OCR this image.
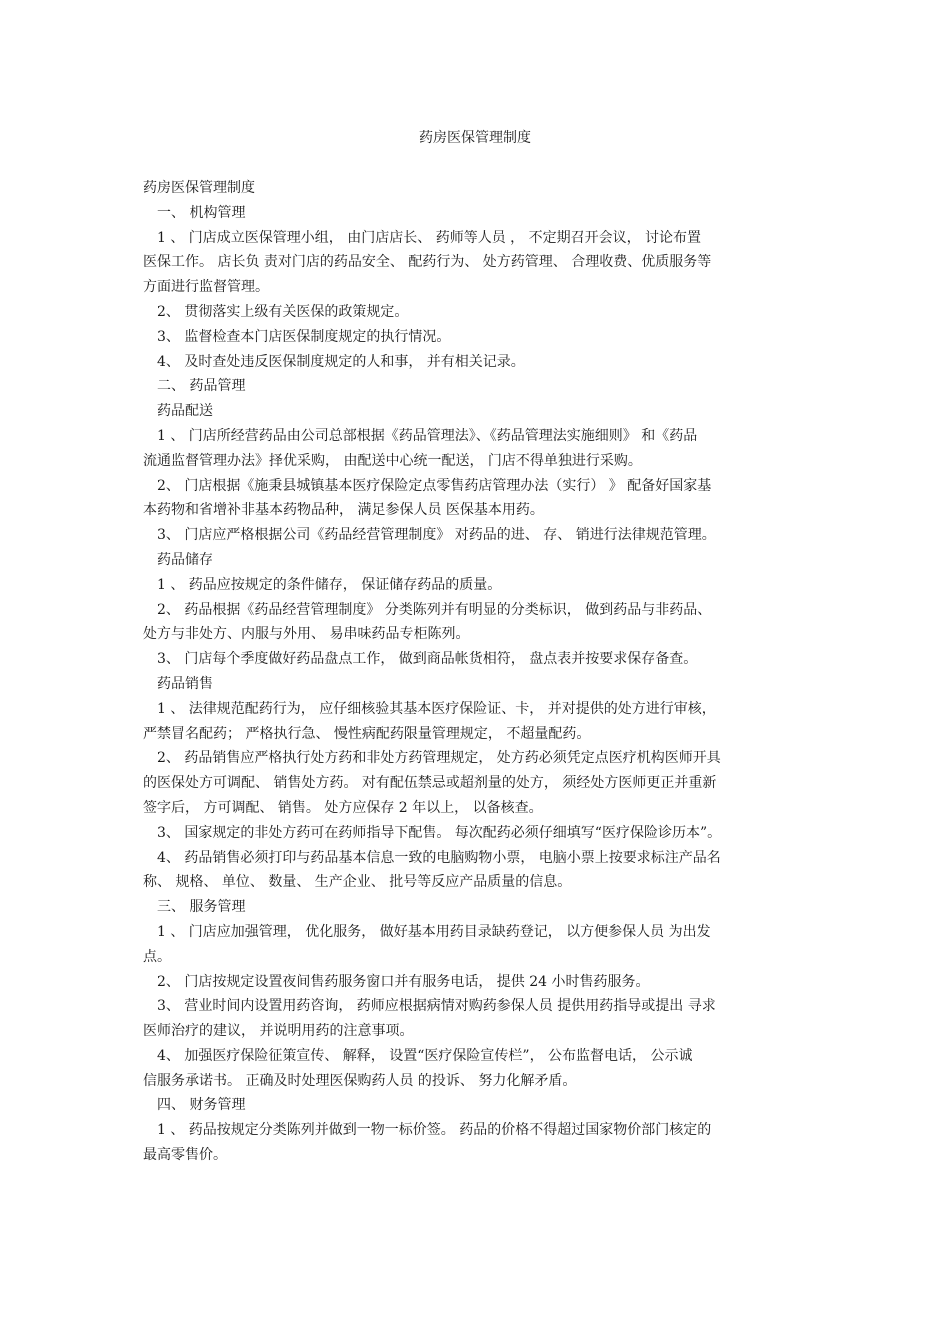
药房医保管理制度
药房医保管理制度
一、 机构管理
1 、 门店成立医保管理小组， 由门店店长、 药师等人员 ， 不定期召开会议， 讨论布置
医保工作。 店长负 责对门店的药品安全、 配药行为、 处方药管理、 合理收费、优质服务等
方面进行监督管理。
2、 贯彻落实上级有关医保的政策规定。
3、 监督检查本门店医保制度规定的执行情况。
4、 及时查处违反医保制度规定的人和事， 并有相关记录。
二、 药品管理
药品配送
1 、 门店所经营药品由公司总部根据《药品管理法》、《药品管理法实施细则》 和《药品
流通监督管理办法》择优采购， 由配送中心统一配送， 门店不得单独进行采购。
2、 门店根据《施秉县城镇基本医疗保险定点零售药店管理办法（实行） 》 配备好国家基
本药物和省增补非基本药物品种， 满足参保人员 医保基本用药。
3、 门店应严格根据公司《药品经营管理制度》 对药品的进、 存、 销进行法律规范管理。
药品储存
1 、 药品应按规定的条件储存， 保证储存药品的质量。
2、 药品根据《药品经营管理制度》 分类陈列并有明显的分类标识， 做到药品与非药品、
处方与非处方、内服与外用、 易串味药品专柜陈列。
3、 门店每个季度做好药品盘点工作， 做到商品帐货相符， 盘点表并按要求保存备查。
药品销售
1 、 法律规范配药行为， 应仔细核验其基本医疗保险证、卡， 并对提供的处方进行审核，
严禁冒名配药； 严格执行急、 慢性病配药限量管理规定， 不超量配药。
2、 药品销售应严格执行处方药和非处方药管理规定， 处方药必须凭定点医疗机构医师开具
的医保处方可调配、 销售处方药。 对有配伍禁忌或超剂量的处方， 须经处方医师更正并重新
签字后， 方可调配、 销售。 处方应保存 2 年以上， 以备核查。
3、 国家规定的非处方药可在药师指导下配售。 每次配药必须仔细填写“医疗保险诊历本”。
4、 药品销售必须打印与药品基本信息一致的电脑购物小票， 电脑小票上按要求标注产品名
称、 规格、 单位、 数量、 生产企业、 批号等反应产品质量的信息。
三、 服务管理
1 、 门店应加强管理， 优化服务， 做好基本用药目录缺药登记， 以方便参保人员 为出发
点。
2、 门店按规定设置夜间售药服务窗口并有服务电话， 提供 24 小时售药服务。
3、 营业时间内设置用药咨询， 药师应根据病情对购药参保人员 提供用药指导或提出 寻求
医师治疗的建议， 并说明用药的注意事项。
4、 加强医疗保险征策宣传、 解释， 设置“医疗保险宣传栏”， 公布监督电话， 公示诚
信服务承诺书。 正确及时处理医保购药人员 的投诉、 努力化解矛盾。
四、 财务管理
1 、 药品按规定分类陈列并做到一物一标价签。 药品的价格不得超过国家物价部门核定的
最高零售价。
